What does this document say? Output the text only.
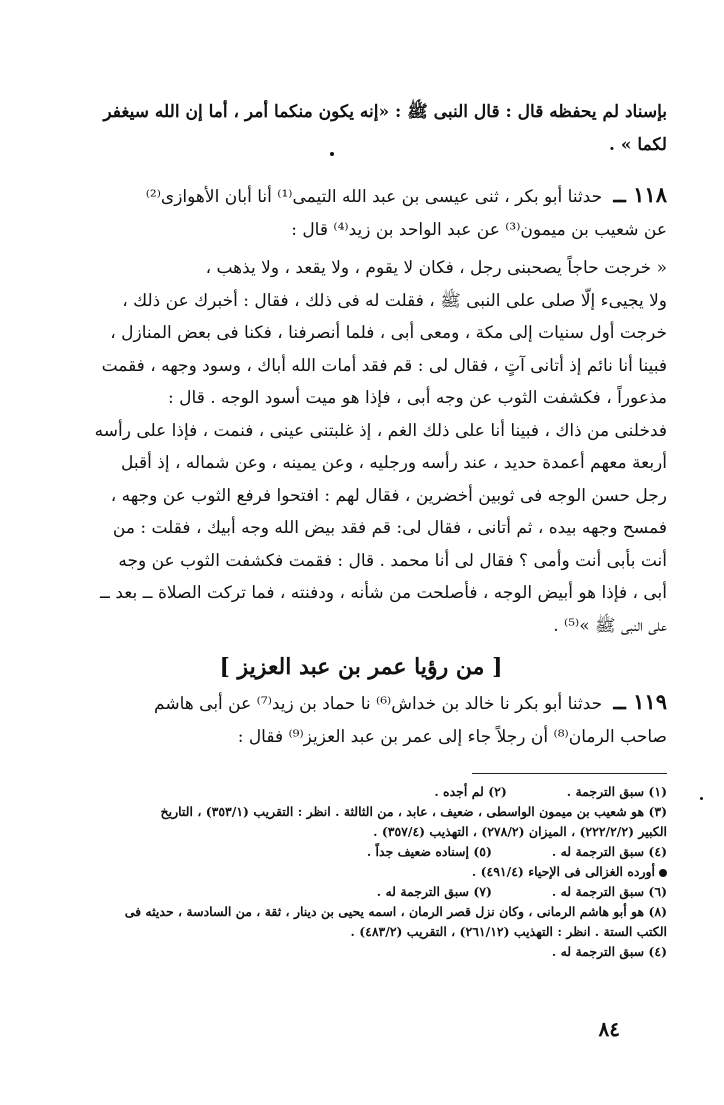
بإسناد لم يحفظه قال : قال النبى ﷺ : «إنه يكون منكما أمر ، أما إن الله سيغفر

لكما » .

١١٨ ــ حدثنا أبو بكر ، ثنى عيسى بن عبد الله التيمى⁽¹⁾ أنا أبان الأهوازى⁽²⁾

عن شعيب بن ميمون⁽³⁾ عن عبد الواحد بن زيد⁽⁴⁾ قال :

« خرجت حاجاً يصحبنى رجل ، فكان لا يقوم ، ولا يقعد ، ولا يذهب ،

ولا يجيىء إلّا صلى على النبى ﷺ ، فقلت له فى ذلك ، فقال : أخبرك عن ذلك ،

خرجت أول سنيات إلى مكة ، ومعى أبى ، فلما أنصرفنا ، فكنا فى بعض المنازل ،

فبينا أنا نائم إذ أتانى آتٍ ، فقال لى : قم فقد أمات الله أباك ، وسود وجهه ، فقمت

مذعوراً ، فكشفت الثوب عن وجه أبى ، فإذا هو ميت أسود الوجه . قال :

فدخلنى من ذاك ، فبينا أنا على ذلك الغم ، إذ غلبتنى عينى ، فنمت ، فإذا على رأسه

أربعة معهم أعمدة حديد ، عند رأسه ورجليه ، وعن يمينه ، وعن شماله ، إذ أقبل

رجل حسن الوجه فى ثوبين أخضرين ، فقال لهم : افتحوا فرفع الثوب عن وجهه ،

فمسح وجهه بيده ، ثم أتانى ، فقال لى: قم فقد بيض الله وجه أبيك ، فقلت : من

أنت بأبى أنت وأمى ؟ فقال لى أنا محمد . قال : فقمت فكشفت الثوب عن وجه

أبى ، فإذا هو أبيض الوجه ، فأصلحت من شأنه ، ودفنته ، فما تركت الصلاة ــ بعد ــ

على النبى ﷺ »⁽⁵⁾ .

[ من رؤيا عمر بن عبد العزيز ]

١١٩ ــ حدثنا أبو بكر نا خالد بن خداش⁽⁶⁾ نا حماد بن زيد⁽⁷⁾ عن أبى هاشم

صاحب الرمان⁽⁸⁾ أن رجلاً جاء إلى عمر بن عبد العزيز⁽⁹⁾ فقال :

(١) سبق الترجمة .

(٢) لم أجده .

(٣) هو شعيب بن ميمون الواسطى ، ضعيف ، عابد ، من الثالثة . انظر : التقريب (٣٥٣/١) ، التاريخ

الكبير (٢٢٢/٢/٢) ، الميزان (٢٧٨/٢) ، التهذيب (٣٥٧/٤) .

(٤) سبق الترجمة له .

(٥) إسناده ضعيف جداً .

أورده الغزالى فى الإحياء (٤٩١/٤) .

(٦) سبق الترجمة له .

(٧) سبق الترجمة له .

(٨) هو أبو هاشم الرمانى ، وكان نزل قصر الرمان ، اسمه يحيى بن دينار ، ثقة ، من السادسة ، حديثه فى

الكتب الستة . انظر : التهذيب (٢٦١/١٢) ، التقريب (٤٨٣/٢) .

(٤) سبق الترجمة له .

٨٤
